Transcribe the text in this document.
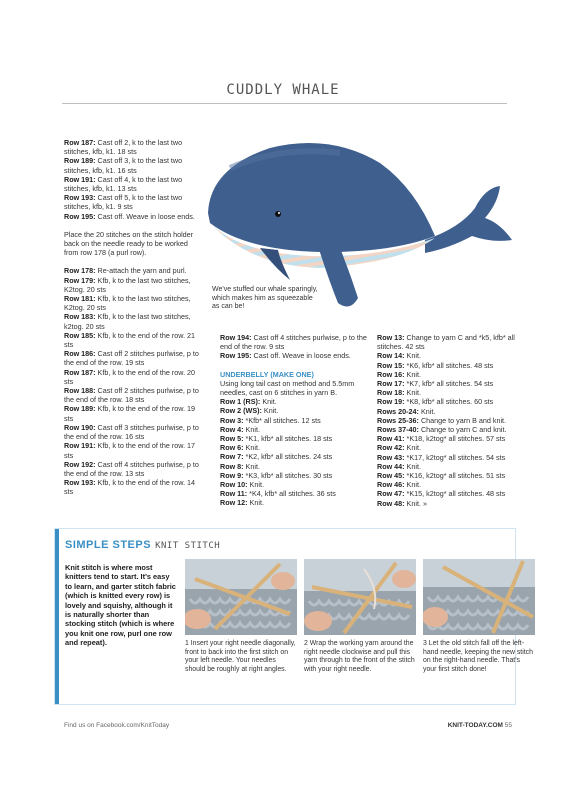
CUDDLY WHALE

Row 187: Cast off 2, k to the last two stitches, kfb, k1. 18 sts

Row 189: Cast off 3, k to the last two stitches, kfb, k1. 16 sts

Row 191: Cast off 4, k to the last two stitches, kfb, k1. 13 sts

Row 193: Cast off 5, k to the last two stitches, kfb, k1. 9 sts

Row 195: Cast off. Weave in loose ends.

Place the 20 stitches on the stitch holder back on the needle ready to be worked from row 178 (a purl row).

Row 178: Re-attach the yarn and purl.

Row 179: Kfb, k to the last two stitches, K2tog. 20 sts

Row 181: Kfb, k to the last two stitches, K2tog. 20 sts

Row 183: Kfb, k to the last two stitches, k2tog. 20 sts

Row 185: Kfb, k to the end of the row. 21 sts

Row 186: Cast off 2 stitches purlwise, p to the end of the row. 19 sts

Row 187: Kfb, k to the end of the row. 20 sts

Row 188: Cast off 2 stitches purlwise, p to the end of the row. 18 sts

Row 189: Kfb, k to the end of the row. 19 sts

Row 190: Cast off 3 stitches purlwise, p to the end of the row. 16 sts

Row 191: Kfb, k to the end of the row. 17 sts

Row 192: Cast off 4 stitches purlwise, p to the end of the row. 13 sts

Row 193: Kfb, k to the end of the row. 14 sts

We've stuffed our whale sparingly, which makes him as squeezable as can be!

Row 194: Cast off 4 stitches purlwise, p to the end of the row. 9 sts

Row 195: Cast off. Weave in loose ends.

UNDERBELLY (MAKE ONE)

Using long tail cast on method and 5.5mm needles, cast on 6 stitches in yarn B.

Row 1 (RS): Knit.

Row 2 (WS): Knit.

Row 3: *Kfb* all stitches. 12 sts

Row 4: Knit.

Row 5: *K1, kfb* all stitches. 18 sts

Row 6: Knit.

Row 7: *K2, kfb* all stitches. 24 sts

Row 8: Knit.

Row 9: *K3, kfb* all stitches. 30 sts

Row 10: Knit.

Row 11: *K4, kfb* all stitches. 36 sts

Row 12: Knit.

Row 13: Change to yarn C and *k5, kfb* all stitches. 42 sts

Row 14: Knit.

Row 15: *K6, kfb* all stitches. 48 sts

Row 16: Knit.

Row 17: *K7, kfb* all stitches. 54 sts

Row 18: Knit.

Row 19: *K8, kfb* all stitches. 60 sts

Rows 20-24: Knit.

Rows 25-36: Change to yarn B and knit.

Rows 37-40: Change to yarn C and knit.

Row 41: *K18, k2tog* all stitches. 57 sts

Row 42: Knit.

Row 43: *K17, k2tog* all stitches. 54 sts

Row 44: Knit.

Row 45: *K16, k2tog* all stitches. 51 sts

Row 46: Knit.

Row 47: *K15, k2tog* all stitches. 48 sts

Row 48: Knit. »

SIMPLE STEPS KNIT STITCH
Knit stitch is where most knitters tend to start. It's easy to learn, and garter stitch fabric (which is knitted every row) is lovely and squishy, although it is naturally shorter than stocking stitch (which is where you knit one row, purl one row and repeat).	1 Insert your right needle diagonally, front to back into the first stitch on your left needle. Your needles should be roughly at right angles.
2 Wrap the working yarn around the right needle clockwise and pull this yarn through to the front of the stitch with your right needle.
3 Let the old stitch fall off the left-hand needle, keeping the new stitch on the right-hand needle. That's your first stitch done!
Find us on Facebook.com/KnitToday	KNIT-TODAY.COM 55
